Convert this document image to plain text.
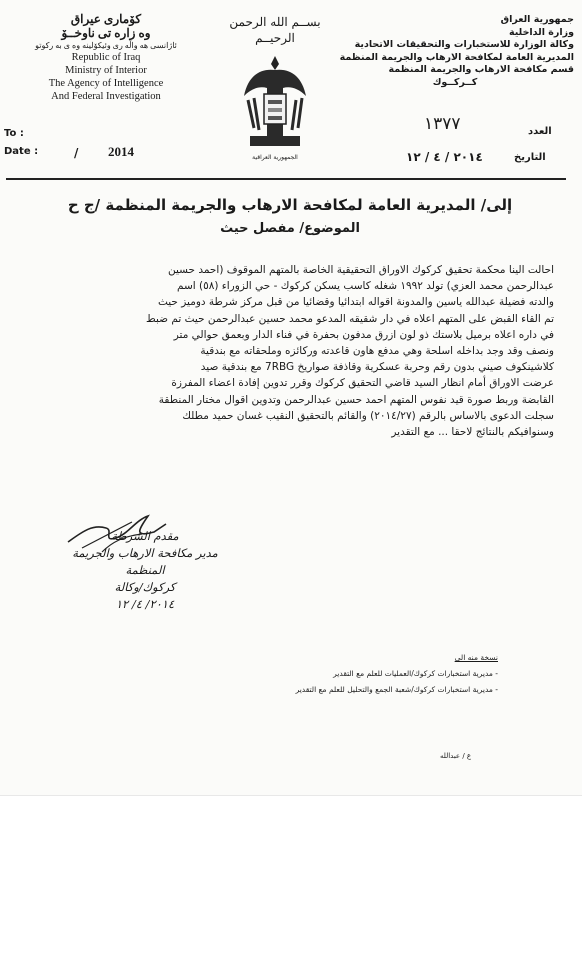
كۆماری عیراق
وه زاره تی ناوخــۆ
ئاژانسی هه واڵه ری وئیکۆلینه وه ی به رکوتو
Republic of Iraq
Ministry of Interior
The Agency of Intelligence
And Federal Investigation
بســم الله الرحمن الرحيــم
الجمهورية العراقية
جمهورية العراق
وزارة الداخلية
وكالة الوزارة للاستخبارات والتحقيقات الاتحادية
المديرية العامة لمكافحة الارهاب والجريمة المنظمة
قسم مكافحة الارهاب والجريمة المنظمة
كــركــوك
To :
Date :	/ 2014
العدد
١٣٧٧
التاريخ
٢٠١٤ / ٤ / ١٢
إلى/ المديرية العامة لمكافحة الارهاب والجريمة المنظمة /ج ح
الموضوع/ مفصل حيث
احالت الينا محكمة تحقيق كركوك الاوراق التحقيقية الخاصة بالمتهم الموقوف (احمد حسين
عبدالرحمن محمد العزي) تولد ١٩٩٢ شغله كاسب يسكن كركوك - حي الزوراء (٥٨) اسم
والدته فضيلة عبدالله ياسين والمدونة اقواله ابتدائيا وقضائيا من قبل مركز شرطة دوميز حيث
تم القاء القبض على المتهم اعلاه في دار شقيقه المدعو محمد حسين عبدالرحمن حيث تم ضبط
في داره اعلاه برميل بلاستك ذو لون ازرق مدفون بحفرة في فناء الدار وبعمق حوالي متر
ونصف وقد وجد بداخله اسلحة وهي مدفع هاون قاعدته وركائزه وملحقاته مع بندقية
كلاشينكوف صيني بدون رقم وحربة عسكرية وقاذفة صواريخ 7RBG مع بندقية صيد
عرضت الاوراق أمام انظار السيد قاضي التحقيق كركوك وقرر تدوين إفادة اعضاء المفرزة
القابضة وربط صورة قيد نفوس المتهم احمد حسين عبدالرحمن وتدوين اقوال مختار المنطقة
سجلت الدعوى بالاساس بالرقم (٢٠١٤/٢٧) والقائم بالتحقيق النقيب غسان حميد مطلك
وسنوافيكم بالنتائج لاحقا ... مع التقدير
مقدم الشرطة
مدير مكافحة الارهاب والجريمة المنظمة
كركوك/وكالة
٢٠١٤/ ٤/ ١٢
نسخة منه الى
- مديرية استخبارات كركوك/العمليات للعلم مع التقدير
- مديرية استخبارات كركوك/شعبة الجمع والتحليل للعلم مع التقدير
ع / عبدالله
